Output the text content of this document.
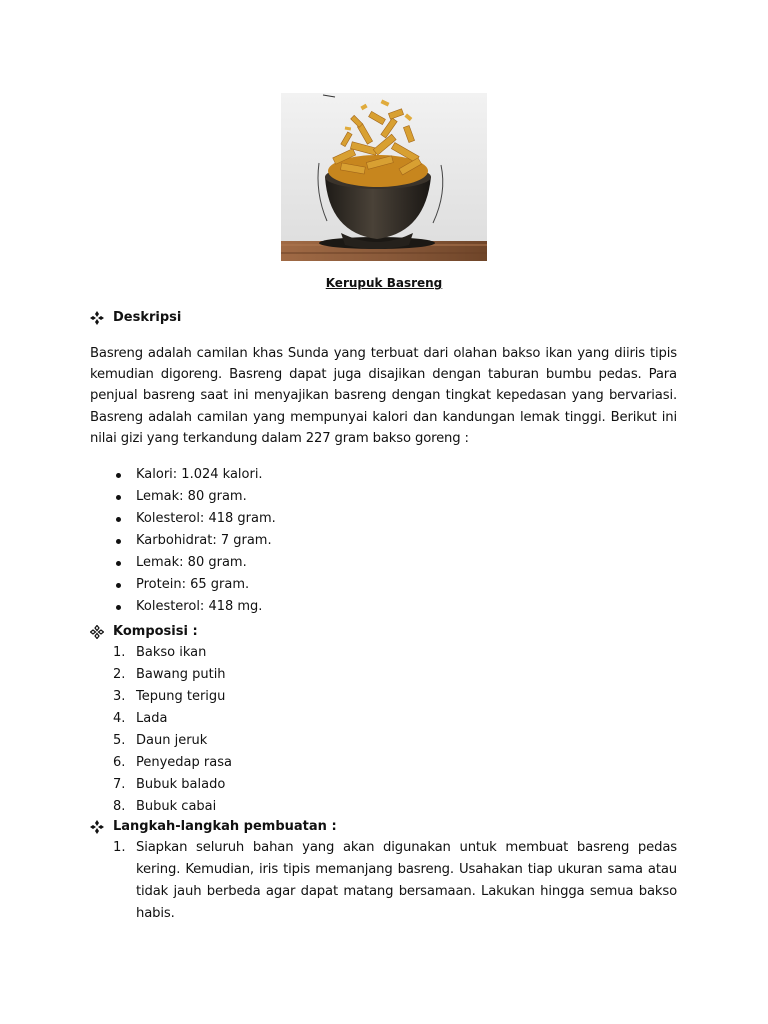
Kerupuk Basreng
Deskripsi
Basreng adalah camilan khas Sunda yang terbuat dari olahan bakso ikan yang diiris tipis kemudian digoreng. Basreng dapat juga disajikan dengan taburan bumbu pedas. Para penjual basreng saat ini menyajikan basreng dengan tingkat kepedasan yang bervariasi. Basreng adalah camilan yang mempunyai kalori dan kandungan lemak tinggi. Berikut ini nilai gizi yang terkandung dalam 227 gram bakso goreng :
Kalori: 1.024 kalori.
Lemak: 80 gram.
Kolesterol: 418 gram.
Karbohidrat: 7 gram.
Lemak: 80 gram.
Protein: 65 gram.
Kolesterol: 418 mg.
Komposisi :
1. Bakso ikan
2. Bawang putih
3. Tepung terigu
4. Lada
5. Daun jeruk
6. Penyedap rasa
7. Bubuk balado
8. Bubuk cabai
Langkah-langkah pembuatan :
1. Siapkan seluruh bahan yang akan digunakan untuk membuat basreng pedas kering. Kemudian, iris tipis memanjang basreng. Usahakan tiap ukuran sama atau tidak jauh berbeda agar dapat matang bersamaan. Lakukan hingga semua bakso habis.
